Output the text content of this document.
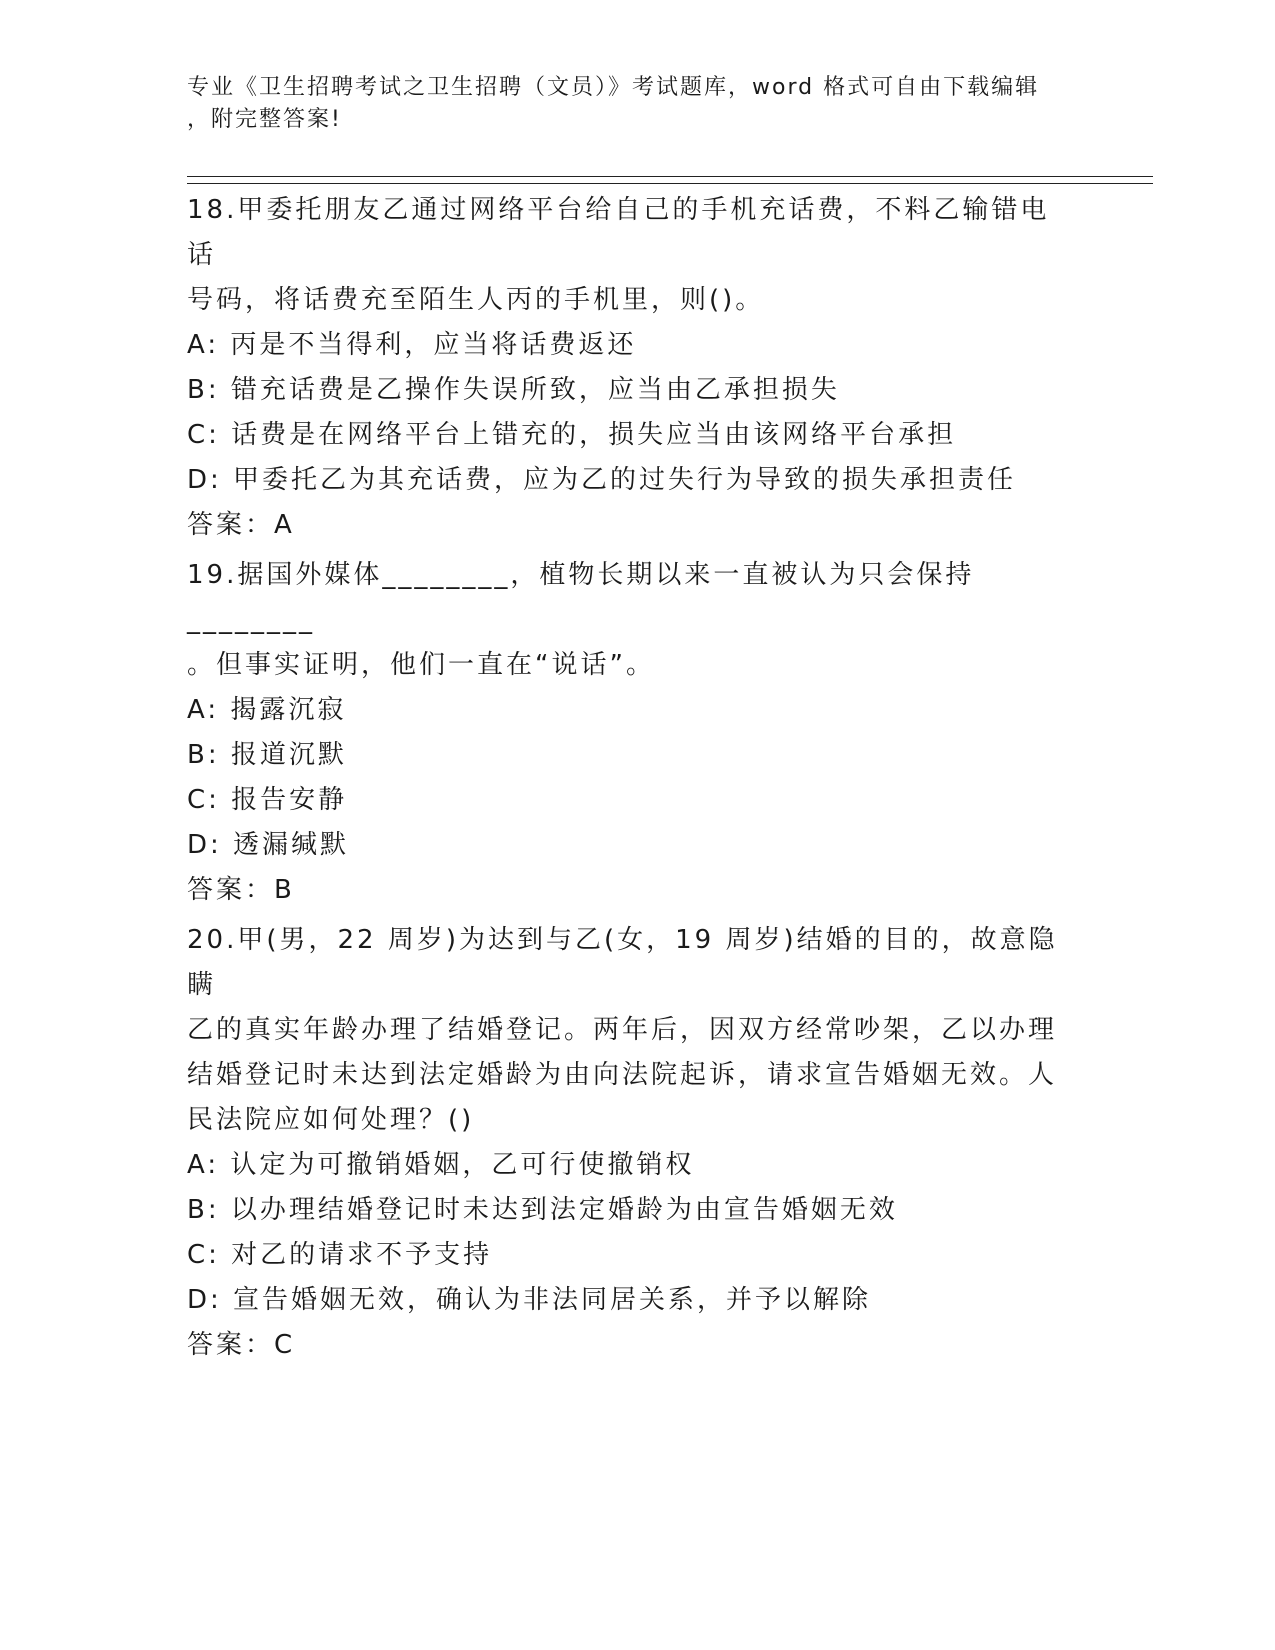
专业《卫生招聘考试之卫生招聘（文员）》考试题库，word 格式可自由下载编辑
，附完整答案!

18.甲委托朋友乙通过网络平台给自己的手机充话费，不料乙输错电话

号码，将话费充至陌生人丙的手机里，则()。

A: 丙是不当得利，应当将话费返还

B: 错充话费是乙操作失误所致，应当由乙承担损失

C: 话费是在网络平台上错充的，损失应当由该网络平台承担

D: 甲委托乙为其充话费，应为乙的过失行为导致的损失承担责任

答案：A

19.据国外媒体________，植物长期以来一直被认为只会保持________

。但事实证明，他们一直在“说话”。

A: 揭露沉寂

B: 报道沉默

C: 报告安静

D: 透漏缄默

答案：B

20.甲(男，22 周岁)为达到与乙(女，19 周岁)结婚的目的，故意隐瞒

乙的真实年龄办理了结婚登记。两年后，因双方经常吵架，乙以办理

结婚登记时未达到法定婚龄为由向法院起诉，请求宣告婚姻无效。人

民法院应如何处理？()

A: 认定为可撤销婚姻，乙可行使撤销权

B: 以办理结婚登记时未达到法定婚龄为由宣告婚姻无效

C: 对乙的请求不予支持

D: 宣告婚姻无效，确认为非法同居关系，并予以解除

答案：C
